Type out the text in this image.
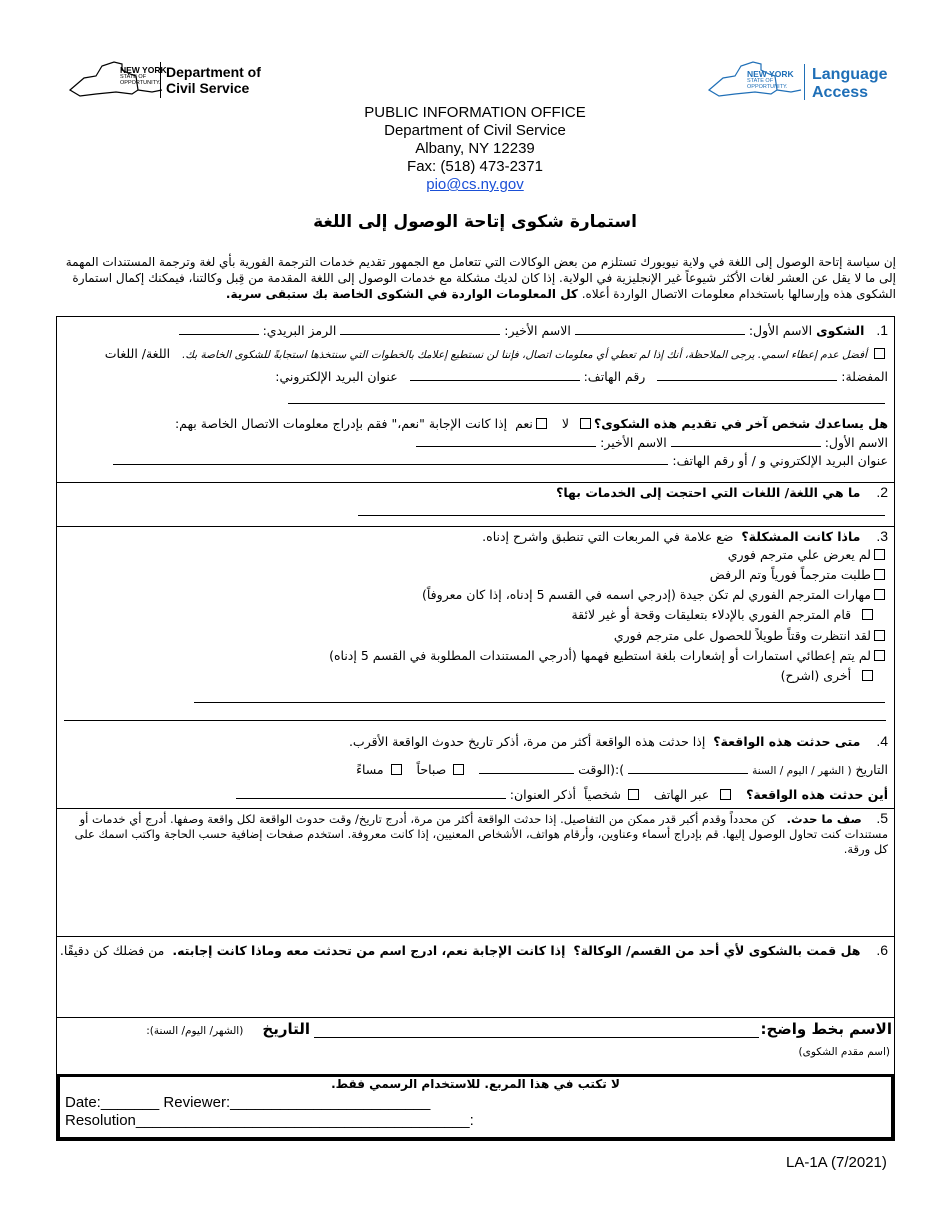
NEW YORK
STATE OF
OPPORTUNITY.
Department of
Civil Service
NEW YORK
STATE OF
OPPORTUNITY.
Language
Access
PUBLIC INFORMATION OFFICE
Department of Civil Service
Albany, NY 12239
Fax: (518) 473-2371
pio@cs.ny.gov
استمارة شكوى إتاحة الوصول إلى اللغة
إن سياسة إتاحة الوصول إلى اللغة في ولاية نيويورك تستلزم من بعض الوكالات التي تتعامل مع الجمهور تقديم خدمات الترجمة الفورية بأي لغة وترجمة المستندات المهمة إلى ما لا يقل عن العشر لغات الأكثر شيوعاً غير الإنجليزية في الولاية. إذا كان لديك مشكلة مع خدمات الوصول إلى اللغة المقدمة من قِبل وكالتنا، فيمكنك إكمال استمارة الشكوى هذه وإرسالها باستخدام معلومات الاتصال الواردة أعلاه. كل المعلومات الواردة في الشكوى الخاصة بك ستبقى سرية.
1.   الشكوى الاسم الأول:  الاسم الأخير:  الرمز البريدي:
أفضل عدم إعطاء اسمي. يرجى الملاحظة، أنك إذا لم تعطي أي معلومات اتصال، فإننا لن نستطيع إعلامك بالخطوات التي سنتخذها استجابةً للشكوى الخاصة بك.   اللغة/ اللغات
المفضلة:    رقم الهاتف:    عنوان البريد الإلكتروني:
هل يساعدك شخص آخر في تقديم هذه الشكوى؟  لا   نعم  إذا كانت الإجابة "نعم،" فقم بإدراج معلومات الاتصال الخاصة بهم:
الاسم الأول:  الاسم الأخير:
عنوان البريد الإلكتروني و / أو رقم الهاتف:
2.    ما هي اللغة/ اللغات التي احتجت إلى الخدمات بها؟
3.    ماذا كانت المشكلة؟  ضع علامة في المربعات التي تنطبق واشرح إدناه.
لم يعرض علي مترجم فوري
طلبت مترجماً فورياً وتم الرفض
مهارات المترجم الفوري لم تكن جيدة (إدرجي اسمه في القسم 5 إدناه، إذا كان معروفاً)
قام المترجم الفوري بالإدلاء بتعليقات وقحة أو غير لائقة
لقد انتظرت وقتاً طويلاً للحصول على مترجم فوري
لم يتم إعطائي استمارات أو إشعارات بلغة استطيع فهمها (أدرجي المستندات المطلوبة في القسم 5 إدناه)
أخرى (اشرح)
4.    متى حدثت هذه الواقعة؟  إذا حدثت هذه الواقعة أكثر من مرة، أذكر تاريخ حدوث الواقعة الأقرب.
التاريخ ( الشهر / اليوم / السنة  ):(الوقت     صباحاً    مساءً
أين حدثت هذه الواقعة؟     عبر الهاتف    شخصياً  أذكر العنوان:
5.    صف ما حدث.   كن محدداً وقدم أكبر قدر ممكن من التفاصيل. إذا حدثت الواقعة أكثر من مرة، أدرج تاريخ/ وقت حدوث الواقعة لكل واقعة وصفها. أدرج أي خدمات أو مستندات كنت تحاول الوصول إليها. قم بإدراج أسماء وعناوين، وأرقام هواتف، الأشخاص المعنيين، إذا كانت معروفة. استخدم صفحات إضافية حسب الحاجة واكتب اسمك على كل ورقة.
6.    هل قمت بالشكوى لأي أحد من القسم/ الوكالة؟  إذا كانت الإجابة نعم، ادرج اسم من تحدثت معه وماذا كانت إجابته.  من فضلك كن دقيقًا.
الاسم بخط واضح:
التاريخ    (الشهر/ اليوم/ السنة):
(اسم مقدم الشكوى)
لا تكتب في هذا المربع. للاستخدام الرسمي فقط.
Date:_______ Reviewer:________________________
Resolution________________________________________:
LA-1A (7/2021)
